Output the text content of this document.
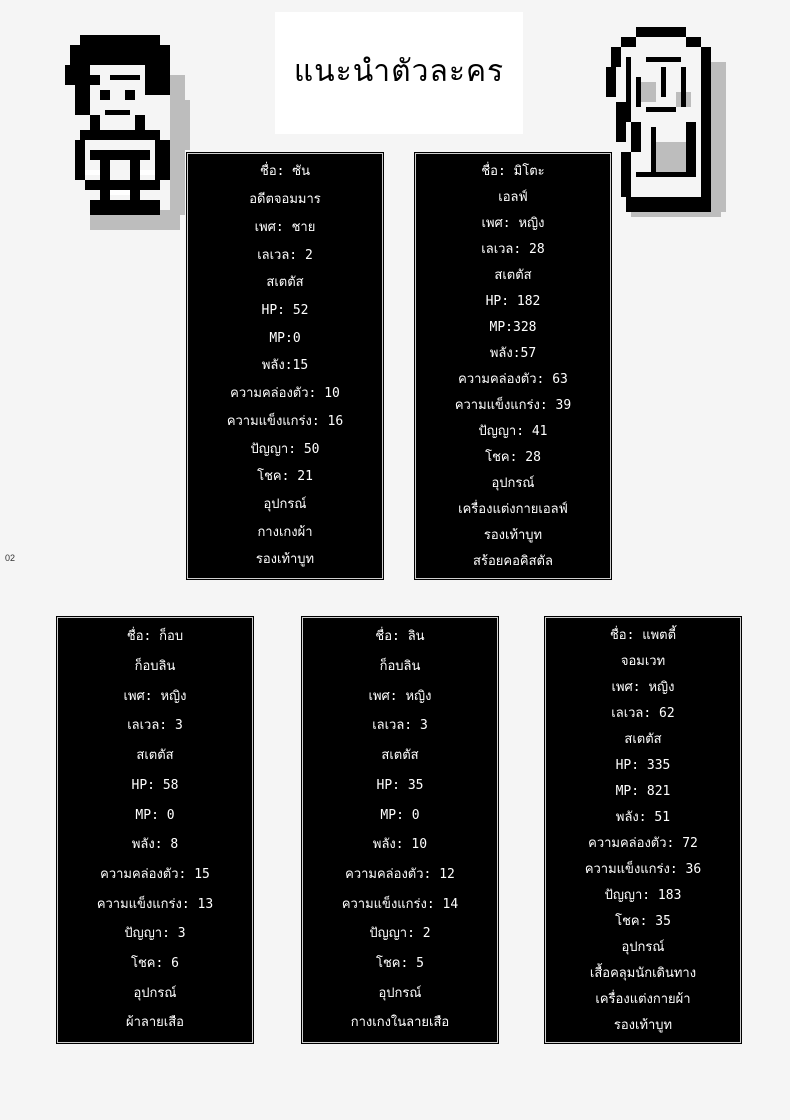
แนะนำตัวละคร
02
ชื่อ: ซัน
อดีตจอมมาร
เพศ: ชาย
เลเวล: 2
สเตตัส
HP: 52
MP:0
พลัง:15
ความคล่องตัว: 10
ความแข็งแกร่ง: 16
ปัญญา: 50
โชค: 21
อุปกรณ์
กางเกงผ้า
รองเท้าบูท
ชื่อ: มิโตะ
เอลฟ์
เพศ: หญิง
เลเวล: 28
สเตตัส
HP: 182
MP:328
พลัง:57
ความคล่องตัว: 63
ความแข็งแกร่ง: 39
ปัญญา: 41
โชค: 28
อุปกรณ์
เครื่องแต่งกายเอลฟ์
รองเท้าบูท
สร้อยคอคิสตัล
ชื่อ: ก็อบ
ก็อบลิน
เพศ: หญิง
เลเวล: 3
สเตตัส
HP: 58
MP: 0
พลัง: 8
ความคล่องตัว: 15
ความแข็งแกร่ง: 13
ปัญญา: 3
โชค: 6
อุปกรณ์
ผ้าลายเสือ
ชื่อ: ลิน
ก็อบลิน
เพศ: หญิง
เลเวล: 3
สเตตัส
HP: 35
MP: 0
พลัง: 10
ความคล่องตัว: 12
ความแข็งแกร่ง: 14
ปัญญา: 2
โชค: 5
อุปกรณ์
กางเกงในลายเสือ
ชื่อ: แพตตี้
จอมเวท
เพศ: หญิง
เลเวล: 62
สเตตัส
HP: 335
MP: 821
พลัง: 51
ความคล่องตัว: 72
ความแข็งแกร่ง: 36
ปัญญา: 183
โชค: 35
อุปกรณ์
เสื้อคลุมนักเดินทาง
เครื่องแต่งกายผ้า
รองเท้าบูท
